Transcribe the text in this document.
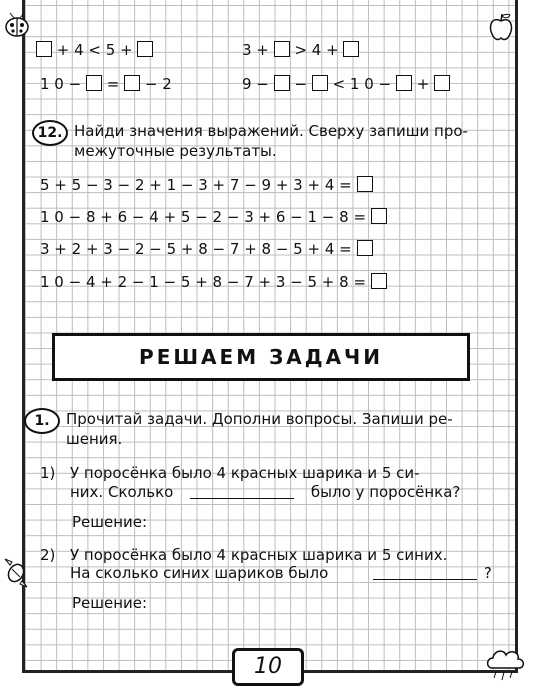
+ 4 < 5 +	3 + > 4 +
1 0 − = − 2	9 − − < 1 0 − +
12. Найди значения выражений. Сверху запиши про-
межуточные результаты.
5 + 5 − 3 − 2 + 1 − 3 + 7 − 9 + 3 + 4 =
1 0 − 8 + 6 − 4 + 5 − 2 − 3 + 6 − 1 − 8 =
3 + 2 + 3 − 2 − 5 + 8 − 7 + 8 − 5 + 4 =
1 0 − 4 + 2 − 1 − 5 + 8 − 7 + 3 − 5 + 8 =
РЕШАЕМ ЗАДАЧИ
1.	Прочитай задачи. Дополни вопросы. Запиши ре-
шения.
1) У поросёнка было 4 красных шарика и 5 си-
них. Сколько	было у поросёнка?
Решение:
2) У поросёнка было 4 красных шарика и 5 синих.
На сколько синих шариков было	?
Решение:
10
